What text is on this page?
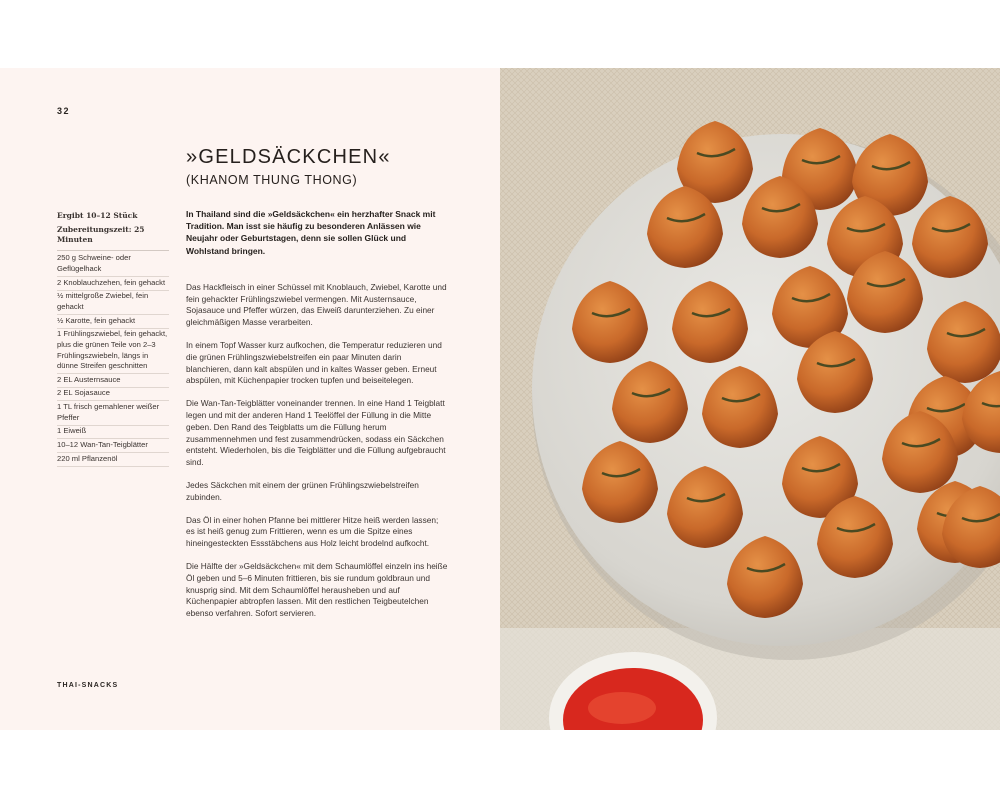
32
»GELDSÄCKCHEN«
(KHANOM THUNG THONG)
Ergibt 10–12 Stück
Zubereitungszeit: 25 Minuten
250 g Schweine- oder Geflügelhack
2 Knoblauchzehen, fein gehackt
½ mittelgroße Zwiebel, fein gehackt
½ Karotte, fein gehackt
1 Frühlingszwiebel, fein gehackt, plus die grünen Teile von 2–3 Frühlingszwiebeln, längs in dünne Streifen geschnitten
2 EL Austernsauce
2 EL Sojasauce
1 TL frisch gemahlener weißer Pfeffer
1 Eiweiß
10–12 Wan-Tan-Teigblätter
220 ml Pflanzenöl

In Thailand sind die »Geldsäckchen« ein herzhafter Snack mit Tradition. Man isst sie häufig zu besonderen Anlässen wie Neujahr oder Geburtstagen, denn sie sollen Glück und Wohlstand bringen.

Das Hackfleisch in einer Schüssel mit Knoblauch, Zwiebel, Karotte und fein gehackter Frühlingszwiebel vermengen. Mit Austernsauce, Sojasauce und Pfeffer würzen, das Eiweiß darunterziehen. Zu einer gleichmäßigen Masse verarbeiten.

In einem Topf Wasser kurz aufkochen, die Temperatur reduzieren und die grünen Frühlingszwiebelstreifen ein paar Minuten darin blanchieren, dann kalt abspülen und in kaltes Wasser geben. Erneut abspülen, mit Küchenpapier trocken tupfen und beiseitelegen.

Die Wan-Tan-Teigblätter voneinander trennen. In eine Hand 1 Teigblatt legen und mit der anderen Hand 1 Teelöffel der Füllung in die Mitte geben. Den Rand des Teigblatts um die Füllung herum zusammennehmen und fest zusammendrücken, sodass ein Säckchen entsteht. Wiederholen, bis die Teigblätter und die Füllung aufgebraucht sind.

Jedes Säckchen mit einem der grünen Frühlingszwiebelstreifen zubinden.

Das Öl in einer hohen Pfanne bei mittlerer Hitze heiß werden lassen; es ist heiß genug zum Frittieren, wenn es um die Spitze eines hineingesteckten Essstäbchens aus Holz leicht brodelnd aufkocht.

Die Hälfte der »Geldsäckchen« mit dem Schaumlöffel einzeln ins heiße Öl geben und 5–6 Minuten frittieren, bis sie rundum goldbraun und knusprig sind. Mit dem Schaumlöffel herausheben und auf Küchenpapier abtropfen lassen. Mit den restlichen Teigbeutelchen ebenso verfahren. Sofort servieren.

THAI-SNACKS
